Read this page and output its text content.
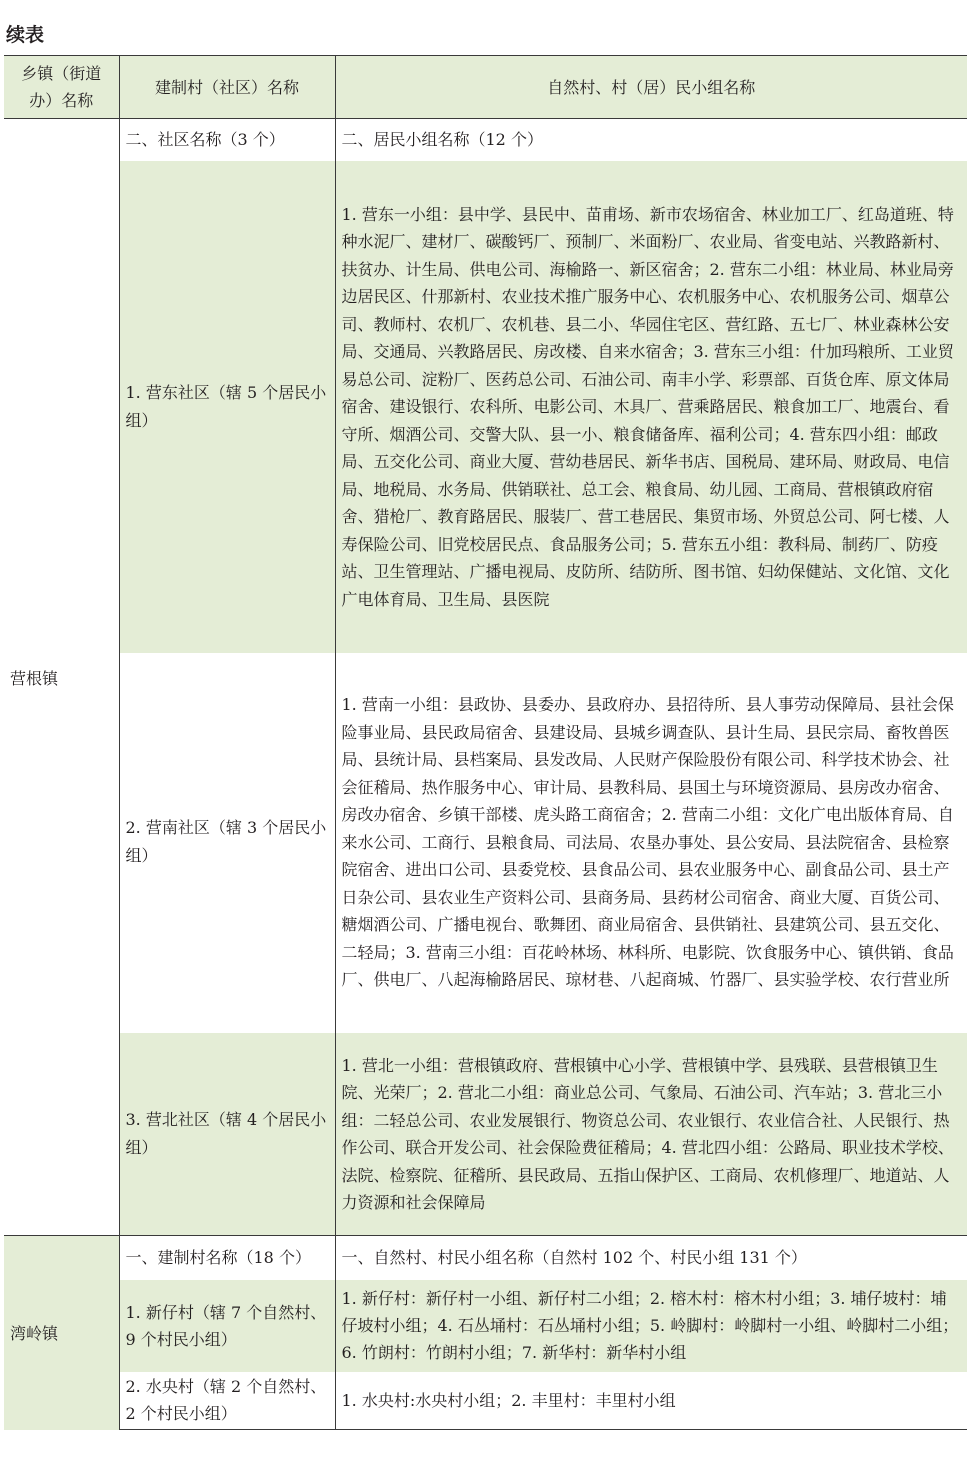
续表
乡镇（街道办）名称	建制村（社区）名称	自然村、村（居）民小组名称
营根镇	二、社区名称（3 个）	二、居民小组名称（12 个）
	1. 营东社区（辖 5 个居民小组）	1. 营东一小组：县中学、县民中、苗甫场、新市农场宿舍、林业加工厂、红岛道班、特种水泥厂、建材厂、碳酸钙厂、预制厂、米面粉厂、农业局、省变电站、兴教路新村、扶贫办、计生局、供电公司、海榆路一、新区宿舍；2. 营东二小组：林业局、林业局旁边居民区、什那新村、农业技术推广服务中心、农机服务中心、农机服务公司、烟草公司、教师村、农机厂、农机巷、县二小、华园住宅区、营红路、五七厂、林业森林公安局、交通局、兴教路居民、房改楼、自来水宿舍；3. 营东三小组：什加玛粮所、工业贸易总公司、淀粉厂、医药总公司、石油公司、南丰小学、彩票部、百货仓库、原文体局宿舍、建设银行、农科所、电影公司、木具厂、营乘路居民、粮食加工厂、地震台、看守所、烟酒公司、交警大队、县一小、粮食储备库、福利公司；4. 营东四小组：邮政局、五交化公司、商业大厦、营幼巷居民、新华书店、国税局、建环局、财政局、电信局、地税局、水务局、供销联社、总工会、粮食局、幼儿园、工商局、营根镇政府宿舍、猎枪厂、教育路居民、服装厂、营工巷居民、集贸市场、外贸总公司、阿七楼、人寿保险公司、旧党校居民点、食品服务公司；5. 营东五小组：教科局、制药厂、防疫站、卫生管理站、广播电视局、皮防所、结防所、图书馆、妇幼保健站、文化馆、文化广电体育局、卫生局、县医院
	2. 营南社区（辖 3 个居民小组）	1. 营南一小组：县政协、县委办、县政府办、县招待所、县人事劳动保障局、县社会保险事业局、县民政局宿舍、县建设局、县城乡调查队、县计生局、县民宗局、畜牧兽医局、县统计局、县档案局、县发改局、人民财产保险股份有限公司、科学技术协会、社会征稽局、热作服务中心、审计局、县教科局、县国土与环境资源局、县房改办宿舍、房改办宿舍、乡镇干部楼、虎头路工商宿舍；2. 营南二小组：文化广电出版体育局、自来水公司、工商行、县粮食局、司法局、农垦办事处、县公安局、县法院宿舍、县检察院宿舍、进出口公司、县委党校、县食品公司、县农业服务中心、副食品公司、县土产日杂公司、县农业生产资料公司、县商务局、县药材公司宿舍、商业大厦、百货公司、糖烟酒公司、广播电视台、歌舞团、商业局宿舍、县供销社、县建筑公司、县五交化、二轻局；3. 营南三小组：百花岭林场、林科所、电影院、饮食服务中心、镇供销、食品厂、供电厂、八起海榆路居民、琼材巷、八起商城、竹器厂、县实验学校、农行营业所
	3. 营北社区（辖 4 个居民小组）	1. 营北一小组：营根镇政府、营根镇中心小学、营根镇中学、县残联、县营根镇卫生院、光荣厂；2. 营北二小组：商业总公司、气象局、石油公司、汽车站；3. 营北三小组：二轻总公司、农业发展银行、物资总公司、农业银行、农业信合社、人民银行、热作公司、联合开发公司、社会保险费征稽局；4. 营北四小组：公路局、职业技术学校、法院、检察院、征稽所、县民政局、五指山保护区、工商局、农机修理厂、地道站、人力资源和社会保障局
湾岭镇	一、建制村名称（18 个）	一、自然村、村民小组名称（自然村 102 个、村民小组 131 个）
	1. 新仔村（辖 7 个自然村、9 个村民小组）	1. 新仔村：新仔村一小组、新仔村二小组；2. 榕木村：榕木村小组；3. 埔仔坡村：埔仔坡村小组；4. 石丛埇村：石丛埇村小组；5. 岭脚村：岭脚村一小组、岭脚村二小组；6. 竹朗村：竹朗村小组；7. 新华村：新华村小组
	2. 水央村（辖 2 个自然村、2 个村民小组）	1. 水央村:水央村小组；2. 丰里村：丰里村小组
